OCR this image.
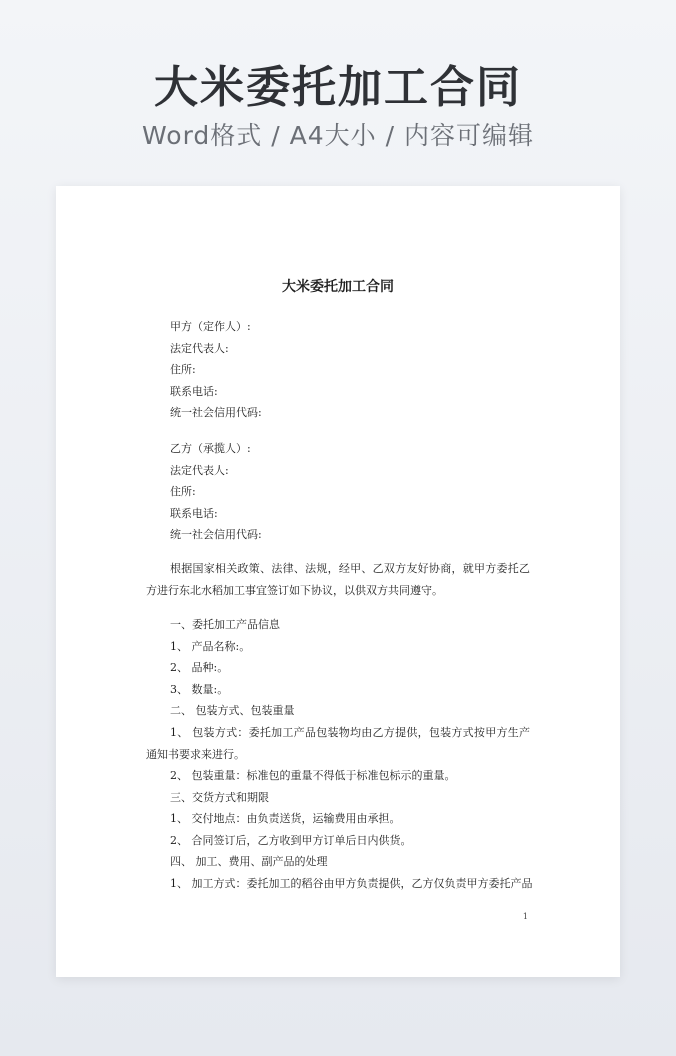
大米委托加工合同
Word格式 / A4大小 / 内容可编辑
大米委托加工合同
甲方（定作人）:
法定代表人:
住所:
联系电话:
统一社会信用代码:
乙方（承揽人）:
法定代表人:
住所:
联系电话:
统一社会信用代码:
根据国家相关政策、法律、法规，经甲、乙双方友好协商，就甲方委托乙方进行东北水稻加工事宜签订如下协议，以供双方共同遵守。
一、委托加工产品信息
1、 产品名称:。
2、 品种:。
3、 数量:。
二、 包装方式、包装重量
1、 包装方式：委托加工产品包装物均由乙方提供，包装方式按甲方生产通知书要求来进行。
2、 包装重量：标准包的重量不得低于标准包标示的重量。
三、交货方式和期限
1、 交付地点：由负责送货，运输费用由承担。
2、 合同签订后，乙方收到甲方订单后日内供货。
四、 加工、费用、副产品的处理
1、 加工方式：委托加工的稻谷由甲方负责提供，乙方仅负责甲方委托产品
1
